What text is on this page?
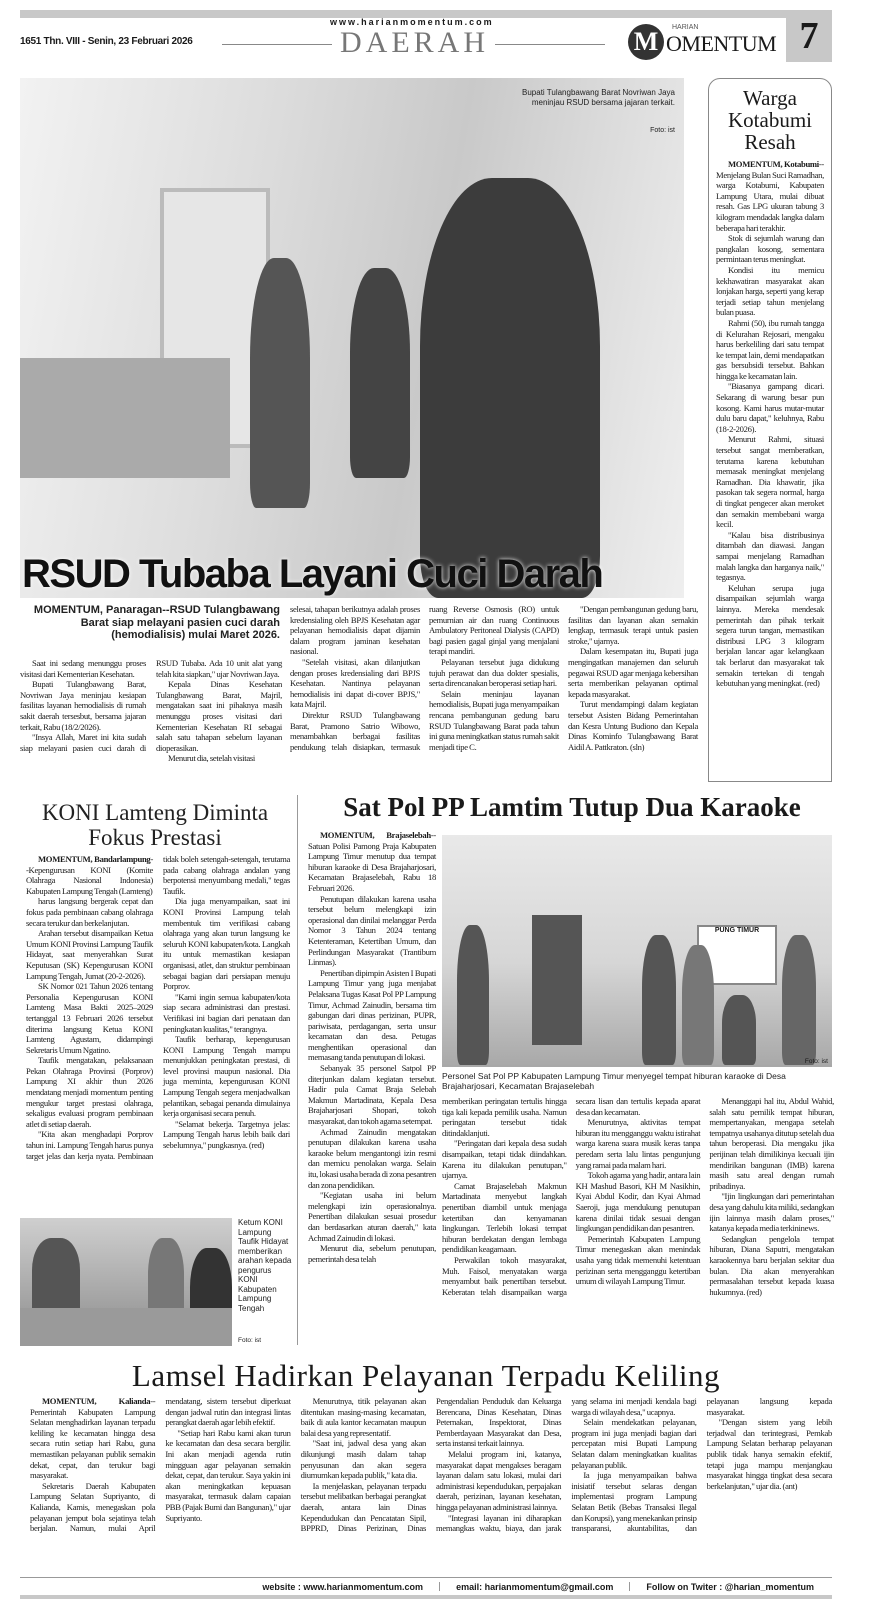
1651 Thn. VIII - Senin, 23 Februari 2026
www.harianmomentum.com
DAERAH	M	HARIAN
OMENTUM 7
Bupati Tulangbawang Barat Novriwan Jaya meninjau RSUD bersama jajaran terkait.
Foto: ist
RSUD Tubaba Layani Cuci Darah
MOMENTUM, Panaragan--RSUD Tulangbawang Barat siap melayani pasien cuci darah (hemodialisis) mulai Maret 2026.

Saat ini sedang menunggu proses visitasi dari Kementerian Kesehatan.

Bupati Tulangbawang Barat, Novriwan Jaya meninjau kesiapan fasilitas layanan hemodialisis di rumah sakit daerah tersesbut, bersama jajaran terkait, Rabu (18/2/2026).

"Insya Allah, Maret ini kita sudah siap melayani pasien cuci darah di RSUD Tubaba. Ada 10 unit alat yang telah kita siapkan," ujar Novriwan Jaya.

Kepala Dinas Kesehatan Tulangbawang Barat, Majril, mengatakan saat ini pihaknya masih menunggu proses visitasi dari Kementerian Kesehatan RI sebagai salah satu tahapan sebelum layanan dioperasikan.

Menurut dia, setelah visitasi

selesai, tahapan berikutnya adalah proses kredensialing oleh BPJS Kesehatan agar pelayanan hemodialisis dapat dijamin dalam program jaminan kesehatan nasional.

"Setelah visitasi, akan dilanjutkan dengan proses kredensialing dari BPJS Kesehatan. Nantinya pelayanan hemodialisis ini dapat di-cover BPJS," kata Majril.

Direktur RSUD Tulangbawang Barat, Pramono Satrio Wibowo, menambahkan berbagai fasilitas pendukung telah disiapkan, termasuk ruang Reverse Osmosis (RO) untuk pemurnian air dan ruang Continuous Ambulatory Peritoneal Dialysis (CAPD) bagi pasien gagal ginjal yang menjalani terapi mandiri.

Pelayanan tersebut juga didukung tujuh perawat dan dua dokter spesialis, serta direncanakan beroperasi setiap hari.

Selain meninjau layanan hemodialisis, Bupati juga menyampaikan rencana pembangunan gedung baru RSUD Tulangbawang Barat pada tahun ini guna meningkatkan status rumah sakit menjadi tipe C.

"Dengan pembangunan gedung baru, fasilitas dan layanan akan semakin lengkap, termasuk terapi untuk pasien stroke," ujarnya.

Dalam kesempatan itu, Bupati juga mengingatkan manajemen dan seluruh pegawai RSUD agar menjaga kebersihan serta memberikan pelayanan optimal kepada masyarakat.

Turut mendampingi dalam kegiatan tersebut Asisten Bidang Pemerintahan dan Kesra Untung Budiono dan Kepala Dinas Kominfo Tulangbawang Barat Aidil A. Pattkraton. (sln)

Warga Kotabumi Resah

MOMENTUM, Kotabumi--Menjelang Bulan Suci Ramadhan, warga Kotabumi, Kabupaten Lampung Utara, mulai dibuat resah. Gas LPG ukuran tabung 3 kilogram mendadak langka dalam beberapa hari terakhir.

Stok di sejumlah warung dan pangkalan kosong, sementara permintaan terus meningkat.

Kondisi itu memicu kekhawatiran masyarakat akan lonjakan harga, seperti yang kerap terjadi setiap tahun menjelang bulan puasa.

Rahmi (50), ibu rumah tangga di Kelurahan Rejosari, mengaku harus berkeliling dari satu tempat ke tempat lain, demi mendapatkan gas bersubsidi tersebut. Bahkan hingga ke kecamatan lain.

"Biasanya gampang dicari. Sekarang di warung besar pun kosong. Kami harus mutar-mutar dulu baru dapat," keluhnya, Rabu (18-2-2026).

Menurut Rahmi, situasi tersebut sangat memberatkan, terutama karena kebutuhan memasak meningkat menjelang Ramadhan. Dia khawatir, jika pasokan tak segera normal, harga di tingkat pengecer akan meroket dan semakin membebani warga kecil.

"Kalau bisa distribusinya ditambah dan diawasi. Jangan sampai menjelang Ramadhan malah langka dan harganya naik," tegasnya.

Keluhan serupa juga disampaikan sejumlah warga lainnya. Mereka mendesak pemerintah dan pihak terkait segera turun tangan, memastikan distribusi LPG 3 kilogram berjalan lancar agar kelangkaan tak berlarut dan masyarakat tak semakin tertekan di tengah kebutuhan yang meningkat. (red)

KONI Lamteng Diminta Fokus Prestasi

MOMENTUM, Bandarlampung--Kepengurusan KONI (Komite Olahraga Nasional Indonesia) Kabupaten Lampung Tengah (Lamteng)

harus langsung bergerak cepat dan fokus pada pembinaan cabang olahraga secara terukur dan berkelanjutan.

Arahan tersebut disampaikan Ketua Umum KONI Provinsi Lampung Taufik Hidayat, saat menyerahkan Surat Keputusan (SK) Kepengurusan KONI Lampung Tengah, Jumat (20-2-2026).

SK Nomor 021 Tahun 2026 tentang Personalia Kepengurusan KONI Lamteng Masa Bakti 2025–2029 tertanggal 13 Februari 2026 tersebut diterima langsung Ketua KONI Lamteng Agustam, didampingi Sekretaris Umum Ngatino.

Taufik mengatakan, pelaksanaan Pekan Olahraga Provinsi (Porprov) Lampung XI akhir thun 2026 mendatang menjadi momentum penting mengukur target prestasi olahraga, sekaligus evaluasi program pembinaan atlet di setiap daerah.

"Kita akan menghadapi Porprov tahun ini. Lampung Tengah harus punya target jelas dan kerja nyata. Pembinaan tidak boleh setengah-setengah, terutama pada cabang olahraga andalan yang berpotensi menyumbang medali," tegas Taufik.

Dia juga menyampaikan, saat ini KONI Provinsi Lampung telah membentuk tim verifikasi cabang olahraga yang akan turun langsung ke seluruh KONI kabupaten/kota. Langkah itu untuk memastikan kesiapan organisasi, atlet, dan struktur pembinaan sebagai bagian dari persiapan menuju Porprov.

"Kami ingin semua kabupaten/kota siap secara administrasi dan prestasi. Verifikasi ini bagian dari penataan dan peningkatan kualitas," terangnya.

Taufik berharap, kepengurusan KONI Lampung Tengah mampu menunjukkan peningkatan prestasi, di level provinsi maupun nasional. Dia juga meminta, kepengurusan KONI Lampung Tengah segera menjadwalkan pelantikan, sebagai penanda dimulainya kerja organisasi secara penuh.

"Selamat bekerja. Targetnya jelas: Lampung Tengah harus lebih baik dari sebelumnya," pungkasnya. (red)

Ketum KONI Lampung Taufik Hidayat memberikan arahan kepada pengurus KONI Kabupaten Lampung Tengah
Foto: ist
Sat Pol PP Lamtim Tutup Dua Karaoke

MOMENTUM, Brajaselebah--Satuan Polisi Pamong Praja Kabupaten Lampung Timur menutup dua tempat hiburan karaoke di Desa Brajaharjosari, Kecamatan Brajaselebah, Rabu 18 Februari 2026.

Penutupan dilakukan karena usaha tersebut belum melengkapi izin operasional dan dinilai melanggar Perda Nomor 3 Tahun 2024 tentang Ketenteraman, Ketertiban Umum, dan Perlindungan Masyarakat (Trantibum Linmas).

Penertiban dipimpin Asisten I Bupati Lampung Timur yang juga menjabat Pelaksana Tugas Kasat Pol PP Lampung Timur, Achmad Zainudin, bersama tim gabungan dari dinas perizinan, PUPR, pariwisata, perdagangan, serta unsur kecamatan dan desa. Petugas menghentikan operasional dan memasang tanda penutupan di lokasi.

Sebanyak 35 personel Satpol PP diterjunkan dalam kegiatan tersebut. Hadir pula Camat Braja Selebah Makmun Martadinata, Kepala Desa Brajaharjosari Shopari, tokoh masyarakat, dan tokoh agama setempat.

Achmad Zainudin mengatakan penutupan dilakukan karena usaha karaoke belum mengantongi izin resmi dan memicu penolakan warga. Selain itu, lokasi usaha berada di zona pesantren dan zona pendidikan.

"Kegiatan usaha ini belum melengkapi izin operasionalnya. Penertiban dilakukan sesuai prosedur dan berdasarkan aturan daerah," kata Achmad Zainudin di lokasi.

Menurut dia, sebelum penutupan, pemerintah desa telah

PUNG TIMUR
Foto: ist
Personel Sat Pol PP Kabupaten Lampung Timur menyegel tempat hiburan karaoke di Desa Brajaharjosari, Kecamatan Brajaselebah

memberikan peringatan tertulis hingga tiga kali kepada pemilik usaha. Namun peringatan tersebut tidak ditindaklanjuti.

"Peringatan dari kepala desa sudah disampaikan, tetapi tidak diindahkan. Karena itu dilakukan penutupan," ujarnya.

Camat Brajaselebah Makmun Martadinata menyebut langkah penertiban diambil untuk menjaga ketertiban dan kenyamanan lingkungan. Terlebih lokasi tempat hiburan berdekatan dengan lembaga pendidikan keagamaan.

Perwakilan tokoh masyarakat, Muh. Faisol, menyatakan warga menyambut baik penertiban tersebut. Keberatan telah disampaikan warga secara lisan dan tertulis kepada aparat desa dan kecamatan.

Menurutnya, aktivitas tempat hiburan itu mengganggu waktu istirahat warga karena suara musik keras tanpa peredam serta lalu lintas pengunjung yang ramai pada malam hari.

Tokoh agama yang hadir, antara lain KH Mashud Basori, KH M Nasikhin, Kyai Abdul Kodir, dan Kyai Ahmad Saeroji, juga mendukung penutupan karena dinilai tidak sesuai dengan lingkungan pendidikan dan pesantren.

Pemerintah Kabupaten Lampung Timur menegaskan akan menindak usaha yang tidak memenuhi ketentuan perizinan serta mengganggu ketertiban umum di wilayah Lampung Timur.

Menanggapi hal itu, Abdul Wahid, salah satu pemilik tempat hiburan, mempertanyakan, mengapa setelah tempatnya usahanya ditutup setelah dua tahun beroperasi. Dia mengaku jika perijinan telah dimilikinya kecuali ijin mendirikan bangunan (IMB) karena masih satu areal dengan rumah pribadinya.

"Ijin lingkungan dari pemerintahan desa yang dahulu kita miliki, sedangkan ijin lainnya masih dalam proses," katanya kepada media terkininews.

Sedangkan pengelola tempat hiburan, Diana Saputri, mengatakan karaokennya baru berjalan sekitar dua bulan. Dia akan menyerahkan permasalahan tersebut kepada kuasa hukumnya. (red)

Lamsel Hadirkan Pelayanan Terpadu Keliling

MOMENTUM, Kalianda--Pemerintah Kabupaten Lampung Selatan menghadirkan layanan terpadu keliling ke kecamatan hingga desa secara rutin setiap hari Rabu, guna memastikan pelayanan publik semakin dekat, cepat, dan terukur bagi masyarakat.

Sekretaris Daerah Kabupaten Lampung Selatan Supriyanto, di Kalianda, Kamis, menegaskan pola pelayanan jemput bola sejatinya telah berjalan. Namun, mulai April mendatang, sistem tersebut diperkuat dengan jadwal rutin dan integrasi lintas perangkat daerah agar lebih efektif.

"Setiap hari Rabu kami akan turun ke kecamatan dan desa secara bergilir. Ini akan menjadi agenda rutin mingguan agar pelayanan semakin dekat, cepat, dan terukur. Saya yakin ini akan meningkatkan kepuasan masyarakat, termasuk dalam capaian PBB (Pajak Bumi dan Bangunan)," ujar Supriyanto.

Menurutnya, titik pelayanan akan ditentukan masing-masing kecamatan, baik di aula kantor kecamatan maupun balai desa yang representatif.

"Saat ini, jadwal desa yang akan dikunjungi masih dalam tahap penyusunan dan akan segera diumumkan kepada publik," kata dia.

Ia menjelaskan, pelayanan terpadu tersebut melibatkan berbagai perangkat daerah, antara lain Dinas Kependudukan dan Pencatatan Sipil, BPPRD, Dinas Perizinan, Dinas Pengendalian Penduduk dan Keluarga Berencana, Dinas Kesehatan, Dinas Peternakan, Inspektorat, Dinas Pemberdayaan Masyarakat dan Desa, serta instansi terkait lainnya.

Melalui program ini, katanya, masyarakat dapat mengakses beragam layanan dalam satu lokasi, mulai dari administrasi kependudukan, perpajakan daerah, perizinan, layanan kesehatan, hingga pelayanan administrasi lainnya.

"Integrasi layanan ini diharapkan memangkas waktu, biaya, dan jarak yang selama ini menjadi kendala bagi warga di wilayah desa," ucapnya.

Selain mendekatkan pelayanan, program ini juga menjadi bagian dari percepatan misi Bupati Lampung Selatan dalam meningkatkan kualitas pelayanan publik.

Ia juga menyampaikan bahwa inisiatif tersebut selaras dengan implementasi program Lampung Selatan Betik (Bebas Transaksi Ilegal dan Korupsi), yang menekankan prinsip transparansi, akuntabilitas, dan pelayanan langsung kepada masyarakat.

"Dengan sistem yang lebih terjadwal dan terintegrasi, Pemkab Lampung Selatan berharap pelayanan publik tidak hanya semakin efektif, tetapi juga mampu menjangkau masyarakat hingga tingkat desa secara berkelanjutan," ujar dia. (ant)

website : www.harianmomentum.com	email: harianmomentum@gmail.com	Follow on Twiter : @harian_momentum
